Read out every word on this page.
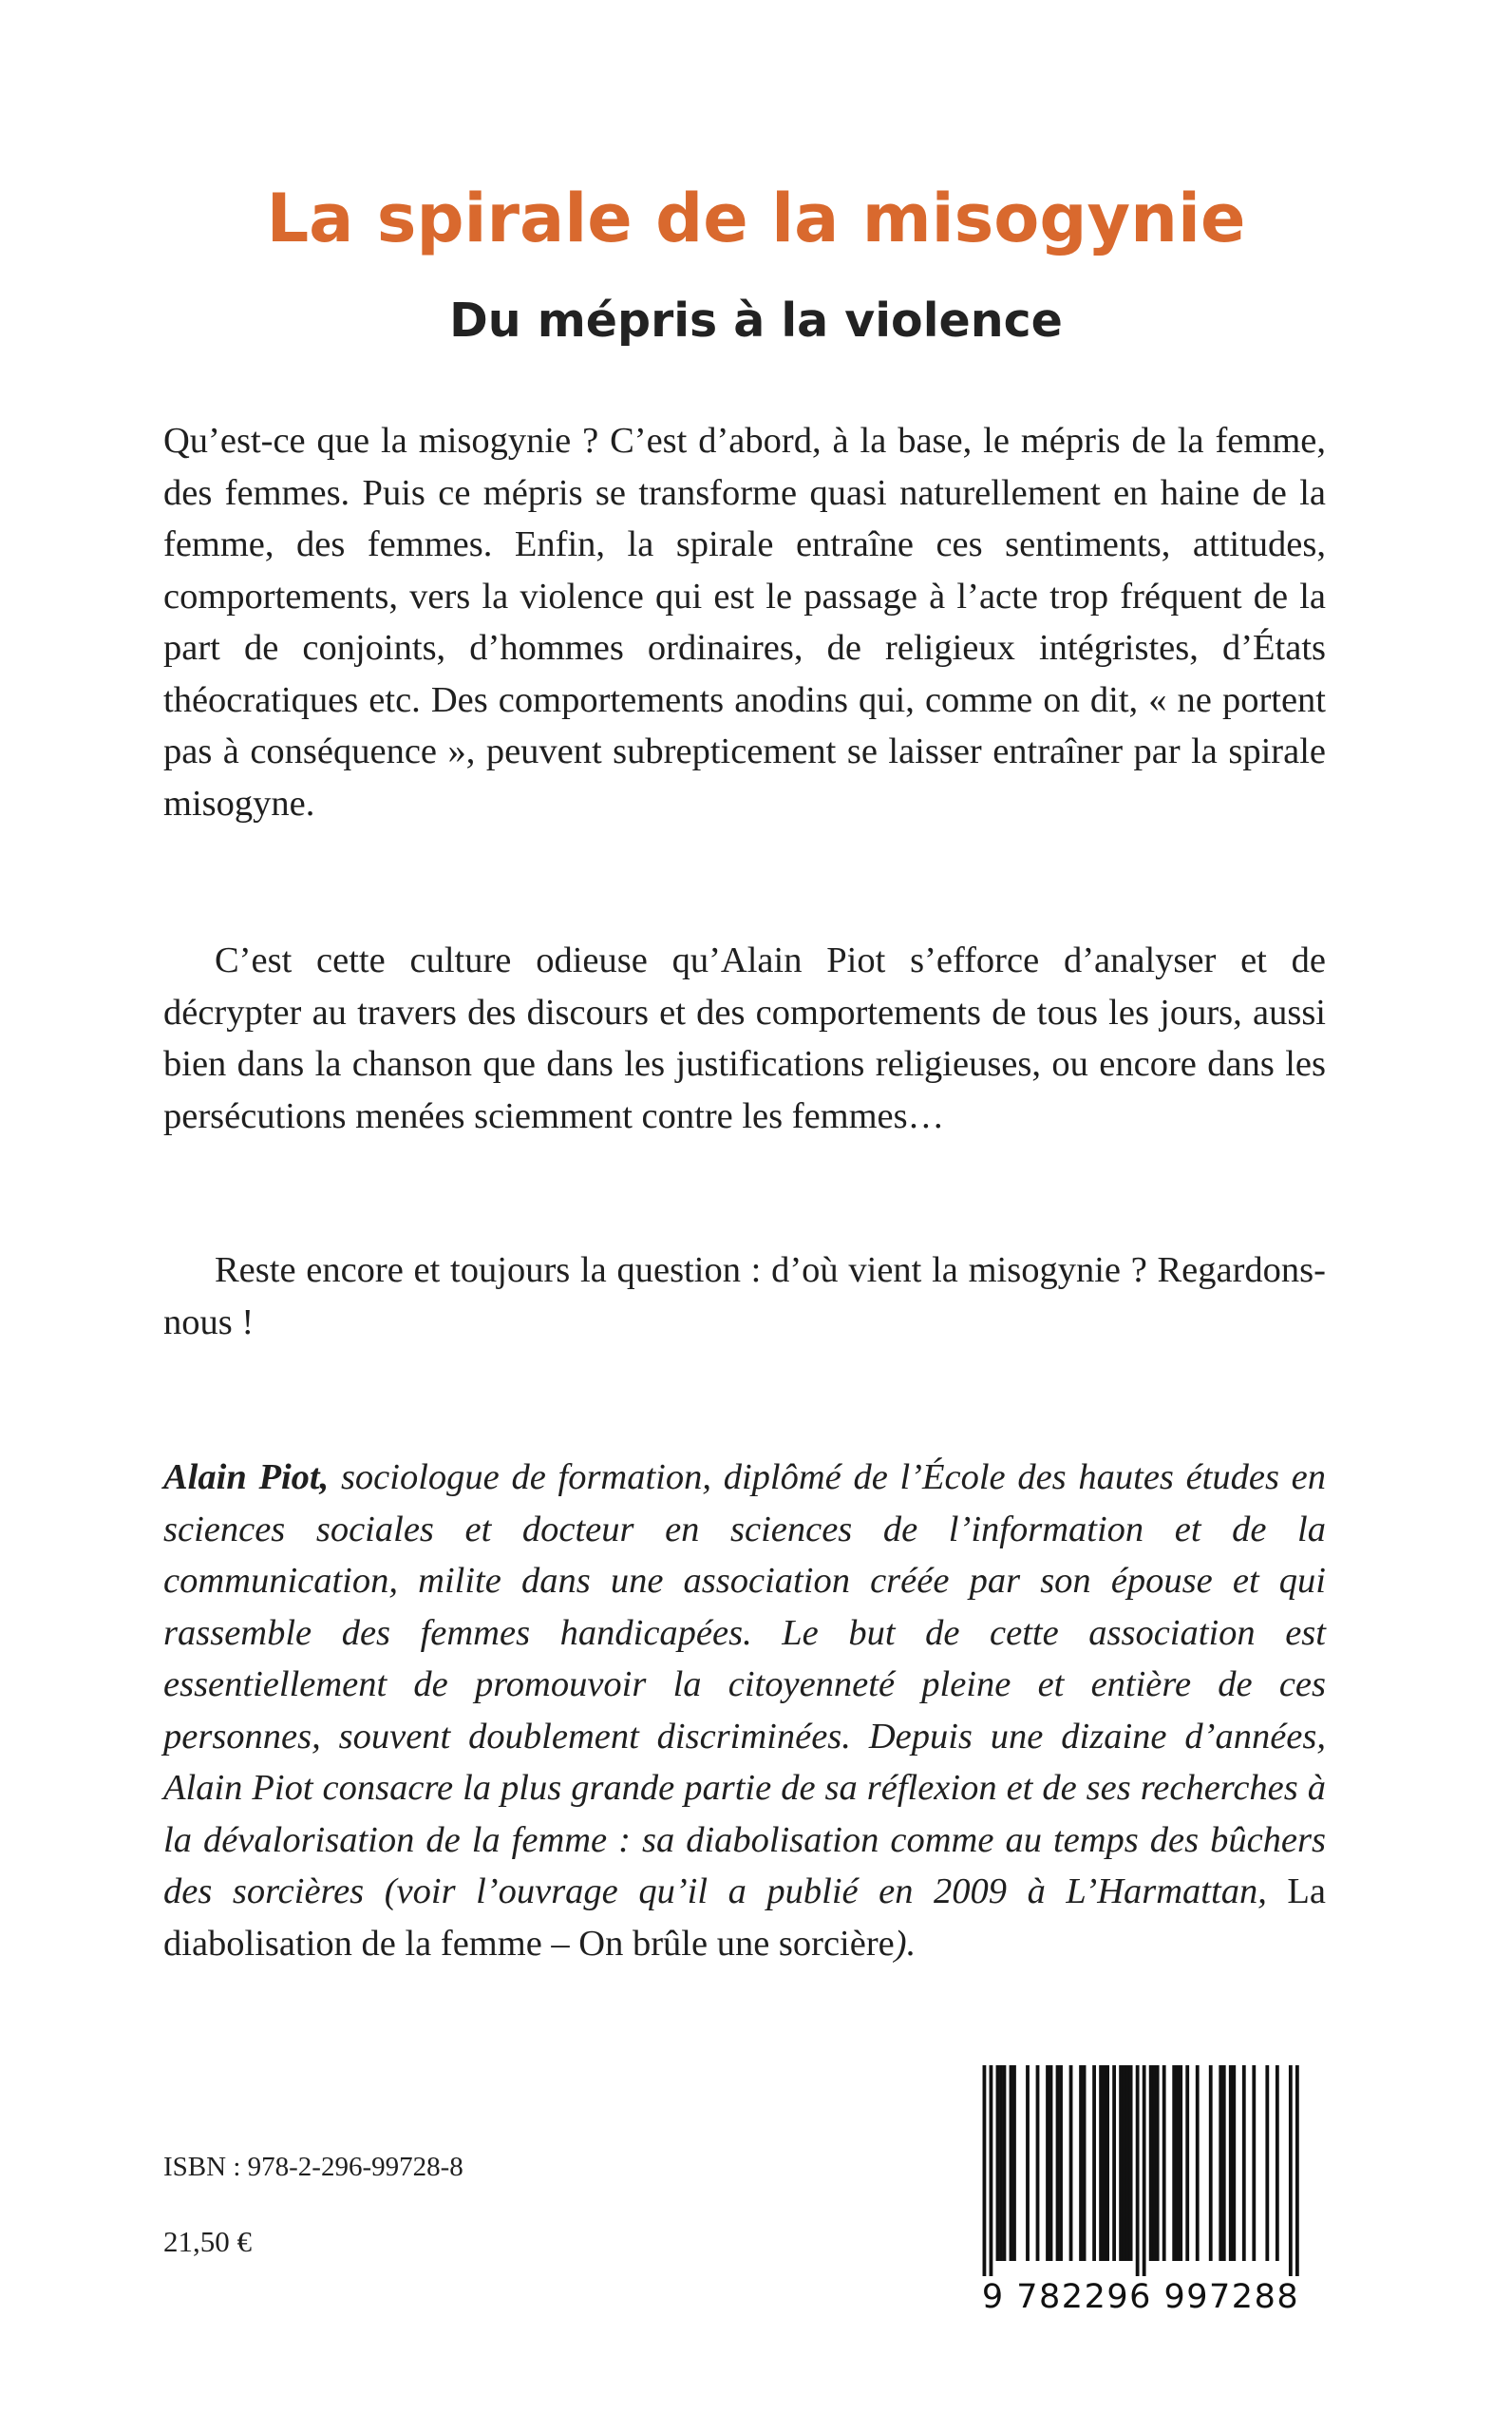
La spirale de la misogynie
Du mépris à la violence

Qu’est-ce que la misogynie ? C’est d’abord, à la base, le mépris de la femme, des femmes. Puis ce mépris se transforme quasi naturellement en haine de la femme, des femmes. Enfin, la spirale entraîne ces sentiments, attitudes, comportements, vers la violence qui est le passage à l’acte trop fréquent de la part de conjoints, d’hommes ordinaires, de religieux intégristes, d’États théocratiques etc. Des comportements anodins qui, comme on dit, « ne portent pas à conséquence », peuvent subrepticement se laisser entraîner par la spirale misogyne.

C’est cette culture odieuse qu’Alain Piot s’efforce d’analyser et de décrypter au travers des discours et des comportements de tous les jours, aussi bien dans la chanson que dans les justifications religieuses, ou encore dans les persécutions menées sciemment contre les femmes…

Reste encore et toujours la question : d’où vient la misogynie ? Regardons-nous !

Alain Piot, sociologue de formation, diplômé de l’École des hautes études en sciences sociales et docteur en sciences de l’information et de la communication, milite dans une association créée par son épouse et qui rassemble des femmes handicapées. Le but de cette association est essentiellement de promouvoir la citoyenneté pleine et entière de ces personnes, souvent doublement discriminées. Depuis une dizaine d’années, Alain Piot consacre la plus grande partie de sa réflexion et de ses recherches à la dévalorisation de la femme : sa diabolisation comme au temps des bûchers des sorcières (voir l’ouvrage qu’il a publié en 2009 à L’Harmattan, La diabolisation de la femme – On brûle une sorcière).

ISBN : 978-2-296-99728-8

21,50 €

9 782296 997288
